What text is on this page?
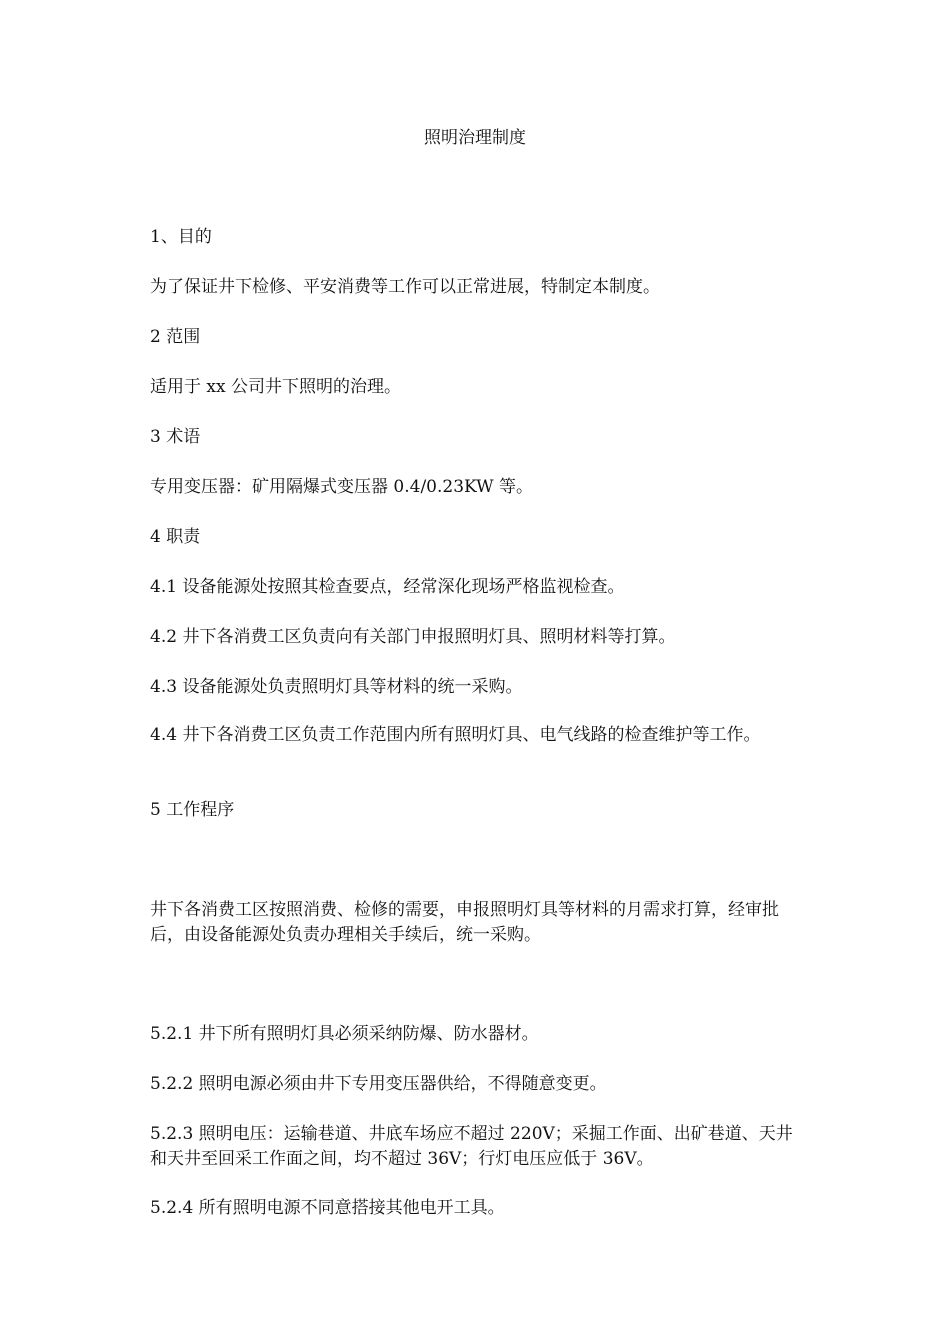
照明治理制度
1、目的
为了保证井下检修、平安消费等工作可以正常进展，特制定本制度。
2 范围
适用于 xx 公司井下照明的治理。
3 术语
专用变压器：矿用隔爆式变压器 0.4/0.23KW 等。
4 职责
4.1 设备能源处按照其检查要点，经常深化现场严格监视检查。
4.2 井下各消费工区负责向有关部门申报照明灯具、照明材料等打算。
4.3 设备能源处负责照明灯具等材料的统一采购。
4.4 井下各消费工区负责工作范围内所有照明灯具、电气线路的检查维护等工作。
5 工作程序
井下各消费工区按照消费、检修的需要，申报照明灯具等材料的月需求打算，经审批后，由设备能源处负责办理相关手续后，统一采购。
5.2.1 井下所有照明灯具必须采纳防爆、防水器材。
5.2.2 照明电源必须由井下专用变压器供给，不得随意变更。
5.2.3 照明电压：运输巷道、井底车场应不超过 220V；采掘工作面、出矿巷道、天井和天井至回采工作面之间，均不超过 36V；行灯电压应低于 36V。
5.2.4 所有照明电源不同意搭接其他电开工具。
